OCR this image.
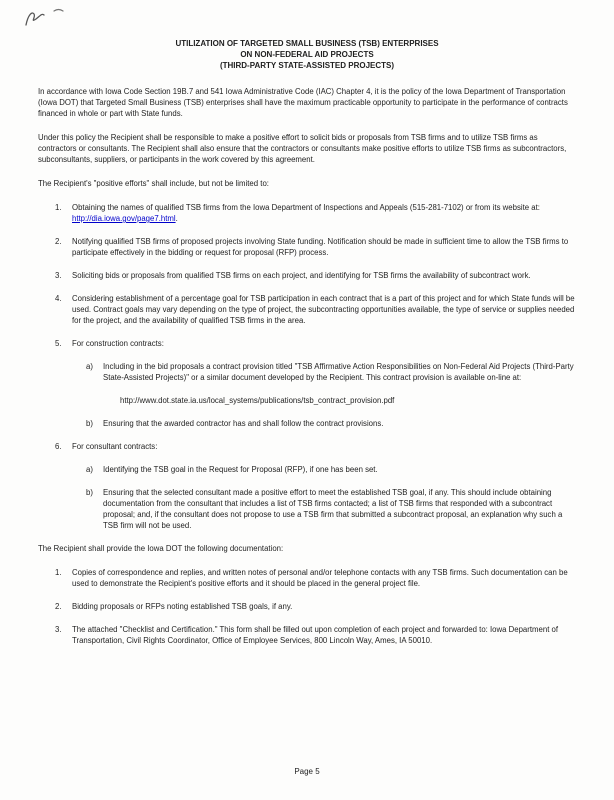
UTILIZATION OF TARGETED SMALL BUSINESS (TSB) ENTERPRISES
ON NON-FEDERAL AID PROJECTS
(THIRD-PARTY STATE-ASSISTED PROJECTS)

In accordance with Iowa Code Section 19B.7 and 541 Iowa Administrative Code (IAC) Chapter 4, it is the policy of the Iowa Department of Transportation (Iowa DOT) that Targeted Small Business (TSB) enterprises shall have the maximum practicable opportunity to participate in the performance of contracts financed in whole or part with State funds.

Under this policy the Recipient shall be responsible to make a positive effort to solicit bids or proposals from TSB firms and to utilize TSB firms as contractors or consultants. The Recipient shall also ensure that the contractors or consultants make positive efforts to utilize TSB firms as subcontractors, subconsultants, suppliers, or participants in the work covered by this agreement.

The Recipient's "positive efforts" shall include, but not be limited to:

1.	Obtaining the names of qualified TSB firms from the Iowa Department of Inspections and Appeals (515-281-7102) or from its website at: http://dia.iowa.gov/page7.html.
2.	Notifying qualified TSB firms of proposed projects involving State funding. Notification should be made in sufficient time to allow the TSB firms to participate effectively in the bidding or request for proposal (RFP) process.
3.	Soliciting bids or proposals from qualified TSB firms on each project, and identifying for TSB firms the availability of subcontract work.
4.	Considering establishment of a percentage goal for TSB participation in each contract that is a part of this project and for which State funds will be used. Contract goals may vary depending on the type of project, the subcontracting opportunities available, the type of service or supplies needed for the project, and the availability of qualified TSB firms in the area.
5.	For construction contracts:
a)	Including in the bid proposals a contract provision titled "TSB Affirmative Action Responsibilities on Non-Federal Aid Projects (Third-Party State-Assisted Projects)" or a similar document developed by the Recipient. This contract provision is available on-line at:
http://www.dot.state.ia.us/local_systems/publications/tsb_contract_provision.pdf
b)	Ensuring that the awarded contractor has and shall follow the contract provisions.
6.	For consultant contracts:
a)	Identifying the TSB goal in the Request for Proposal (RFP), if one has been set.
b)	Ensuring that the selected consultant made a positive effort to meet the established TSB goal, if any. This should include obtaining documentation from the consultant that includes a list of TSB firms contacted; a list of TSB firms that responded with a subcontract proposal; and, if the consultant does not propose to use a TSB firm that submitted a subcontract proposal, an explanation why such a TSB firm will not be used.

The Recipient shall provide the Iowa DOT the following documentation:

1.	Copies of correspondence and replies, and written notes of personal and/or telephone contacts with any TSB firms. Such documentation can be used to demonstrate the Recipient's positive efforts and it should be placed in the general project file.
2.	Bidding proposals or RFPs noting established TSB goals, if any.
3.	The attached "Checklist and Certification." This form shall be filled out upon completion of each project and forwarded to: Iowa Department of Transportation, Civil Rights Coordinator, Office of Employee Services, 800 Lincoln Way, Ames, IA 50010.
Page 5
